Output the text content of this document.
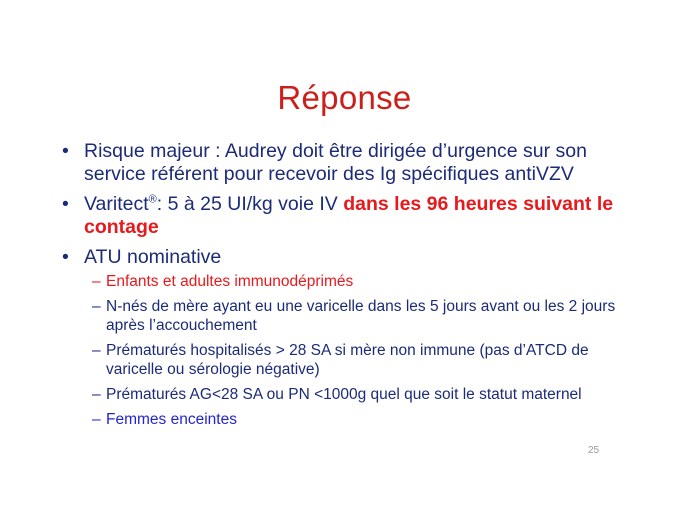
Réponse
• Risque majeur : Audrey doit être dirigée d’urgence sur son service référent pour recevoir des Ig spécifiques antiVZV
• Varitect®: 5 à 25 UI/kg voie IV dans les 96 heures suivant le contage
• ATU nominative
– Enfants et adultes immunodéprimés
– N-nés de mère ayant eu une varicelle dans les 5 jours avant ou les 2 jours après l’accouchement
– Prématurés hospitalisés > 28 SA si mère non immune (pas d’ATCD de varicelle ou sérologie négative)
– Prématurés AG<28 SA ou PN <1000g quel que soit le statut maternel
– Femmes enceintes
25
